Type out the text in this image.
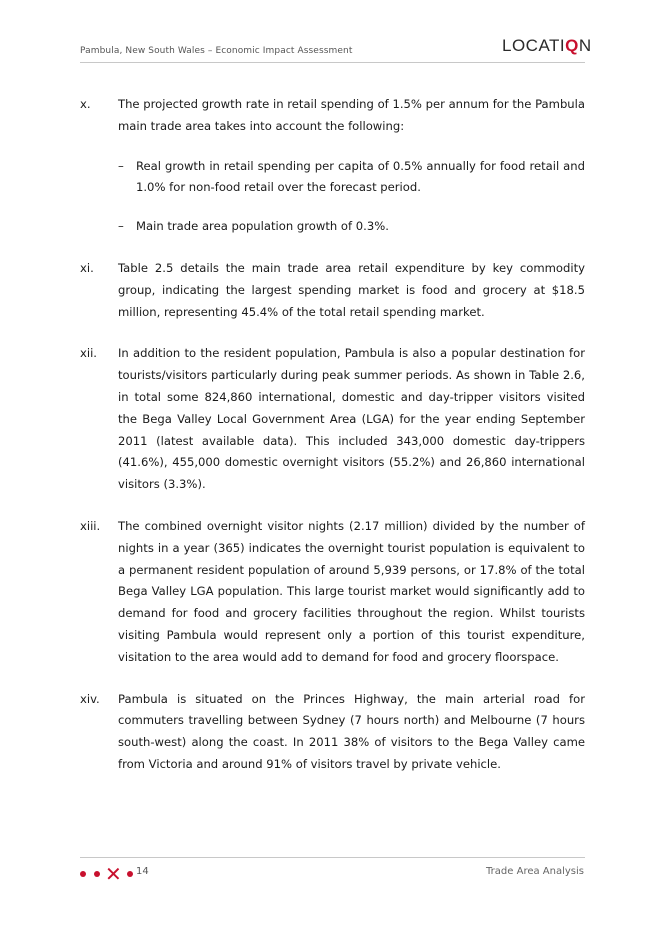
Pambula, New South Wales – Economic Impact Assessment	LOCATIQN
x.	The projected growth rate in retail spending of 1.5% per annum for the Pambula main trade area takes into account the following:

–	Real growth in retail spending per capita of 0.5% annually for food retail and 1.0% for non-food retail over the forecast period.
–	Main trade area population growth of 0.3%.
xi.	Table 2.5 details the main trade area retail expenditure by key commodity group, indicating the largest spending market is food and grocery at $18.5 million, representing 45.4% of the total retail spending market.
xii.	In addition to the resident population, Pambula is also a popular destination for tourists/visitors particularly during peak summer periods. As shown in Table 2.6, in total some 824,860 international, domestic and day-tripper visitors visited the Bega Valley Local Government Area (LGA) for the year ending September 2011 (latest available data). This included 343,000 domestic day-trippers (41.6%), 455,000 domestic overnight visitors (55.2%) and 26,860 international visitors (3.3%).
xiii.	The combined overnight visitor nights (2.17 million) divided by the number of nights in a year (365) indicates the overnight tourist population is equivalent to a permanent resident population of around 5,939 persons, or 17.8% of the total Bega Valley LGA population. This large tourist market would significantly add to demand for food and grocery facilities throughout the region. Whilst tourists visiting Pambula would represent only a portion of this tourist expenditure, visitation to the area would add to demand for food and grocery floorspace.
xiv.	Pambula is situated on the Princes Highway, the main arterial road for commuters travelling between Sydney (7 hours north) and Melbourne (7 hours south-west) along the coast. In 2011 38% of visitors to the Bega Valley came from Victoria and around 91% of visitors travel by private vehicle.
✕ 14	Trade Area Analysis
